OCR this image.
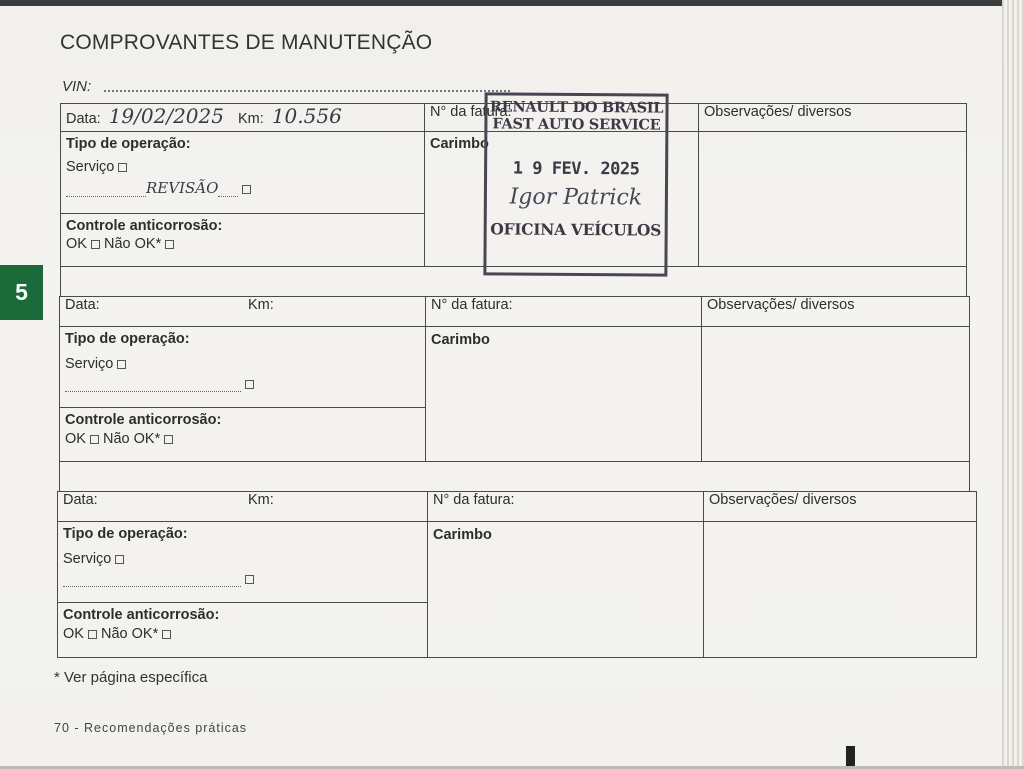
COMPROVANTES DE MANUTENÇÃO
VIN:
5
Data: 19/02/2025 Km: 10.556	N° da fatura:	Observações/ diversos

Tipo de operação:
Serviço
REVISÃO	Carimbo	

Controle anticorrosão:
OK Não OK*		

Data: Km:	N° da fatura:	Observações/ diversos

Tipo de operação:
Serviço	Carimbo	

Controle anticorrosão:
OK Não OK*		

Data: Km:	N° da fatura:	Observações/ diversos

Tipo de operação:
Serviço	Carimbo	

Controle anticorrosão:
OK Não OK*		
RENAULT DO BRASIL
FAST AUTO SERVICE
1 9 FEV. 2025
Igor Patrick
OFICINA VEÍCULOS
* Ver página específica
70 - Recomendações práticas
